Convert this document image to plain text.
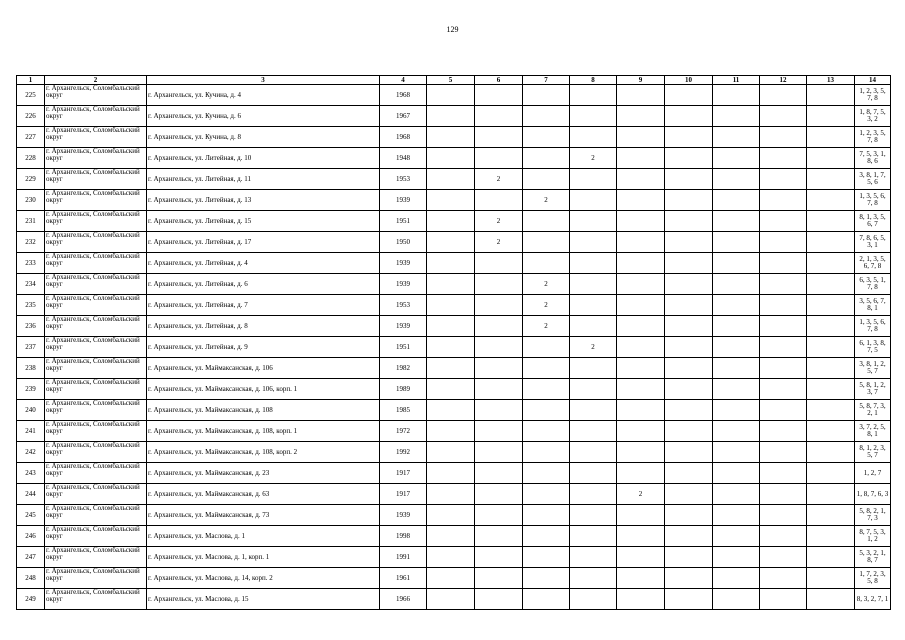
129
1	2	3	4	5	6	7	8	9	10	11	12	13	14
225	г. Архангельск, Соломбальский округ	г. Архангельск, ул. Кучина, д. 4	1968										1, 2, 3, 5, 7, 8
226	г. Архангельск, Соломбальский округ	г. Архангельск, ул. Кучина, д. 6	1967										1, 8, 7, 5, 3, 2
227	г. Архангельск, Соломбальский округ	г. Архангельск, ул. Кучина, д. 8	1968										1, 2, 3, 5, 7, 8
228	г. Архангельск, Соломбальский округ	г. Архангельск, ул. Литейная, д. 10	1948				2						7, 5, 3, 1, 8, 6
229	г. Архангельск, Соломбальский округ	г. Архангельск, ул. Литейная, д. 11	1953		2								3, 8, 1, 7, 5, 6
230	г. Архангельск, Соломбальский округ	г. Архангельск, ул. Литейная, д. 13	1939			2							1, 3, 5, 6, 7, 8
231	г. Архангельск, Соломбальский округ	г. Архангельск, ул. Литейная, д. 15	1951		2								8, 1, 3, 5, 6, 7
232	г. Архангельск, Соломбальский округ	г. Архангельск, ул. Литейная, д. 17	1950		2								7, 8, 6, 5, 3, 1
233	г. Архангельск, Соломбальский округ	г. Архангельск, ул. Литейная, д. 4	1939										2, 1, 3, 5, 6, 7, 8
234	г. Архангельск, Соломбальский округ	г. Архангельск, ул. Литейная, д. 6	1939			2							6, 3, 5, 1, 7, 8
235	г. Архангельск, Соломбальский округ	г. Архангельск, ул. Литейная, д. 7	1953			2							3, 5, 6, 7, 8, 1
236	г. Архангельск, Соломбальский округ	г. Архангельск, ул. Литейная, д. 8	1939			2							1, 3, 5, 6, 7, 8
237	г. Архангельск, Соломбальский округ	г. Архангельск, ул. Литейная, д. 9	1951				2						6, 1, 3, 8, 7, 5
238	г. Архангельск, Соломбальский округ	г. Архангельск, ул. Маймаксанская, д. 106	1982										3, 8, 1, 2, 5, 7
239	г. Архангельск, Соломбальский округ	г. Архангельск, ул. Маймаксанская, д. 106, корп. 1	1989										5, 8, 1, 2, 3, 7
240	г. Архангельск, Соломбальский округ	г. Архангельск, ул. Маймаксанская, д. 108	1985										5, 8, 7, 3, 2, 1
241	г. Архангельск, Соломбальский округ	г. Архангельск, ул. Маймаксанская, д. 108, корп. 1	1972										3, 7, 2, 5, 8, 1
242	г. Архангельск, Соломбальский округ	г. Архангельск, ул. Маймаксанская, д. 108, корп. 2	1992										8, 1, 2, 3, 5, 7
243	г. Архангельск, Соломбальский округ	г. Архангельск, ул. Маймаксанская, д. 23	1917										1, 2, 7
244	г. Архангельск, Соломбальский округ	г. Архангельск, ул. Маймаксанская, д. 63	1917					2					1, 8, 7, 6, 3
245	г. Архангельск, Соломбальский округ	г. Архангельск, ул. Маймаксанская, д. 73	1939										5, 8, 2, 1, 7, 3
246	г. Архангельск, Соломбальский округ	г. Архангельск, ул. Маслова, д. 1	1998										8, 7, 5, 3, 1, 2
247	г. Архангельск, Соломбальский округ	г. Архангельск, ул. Маслова, д. 1, корп. 1	1991										5, 3, 2, 1, 8, 7
248	г. Архангельск, Соломбальский округ	г. Архангельск, ул. Маслова, д. 14, корп. 2	1961										1, 7, 2, 3, 5, 8
249	г. Архангельск, Соломбальский округ	г. Архангельск, ул. Маслова, д. 15	1966										8, 3, 2, 7, 1
